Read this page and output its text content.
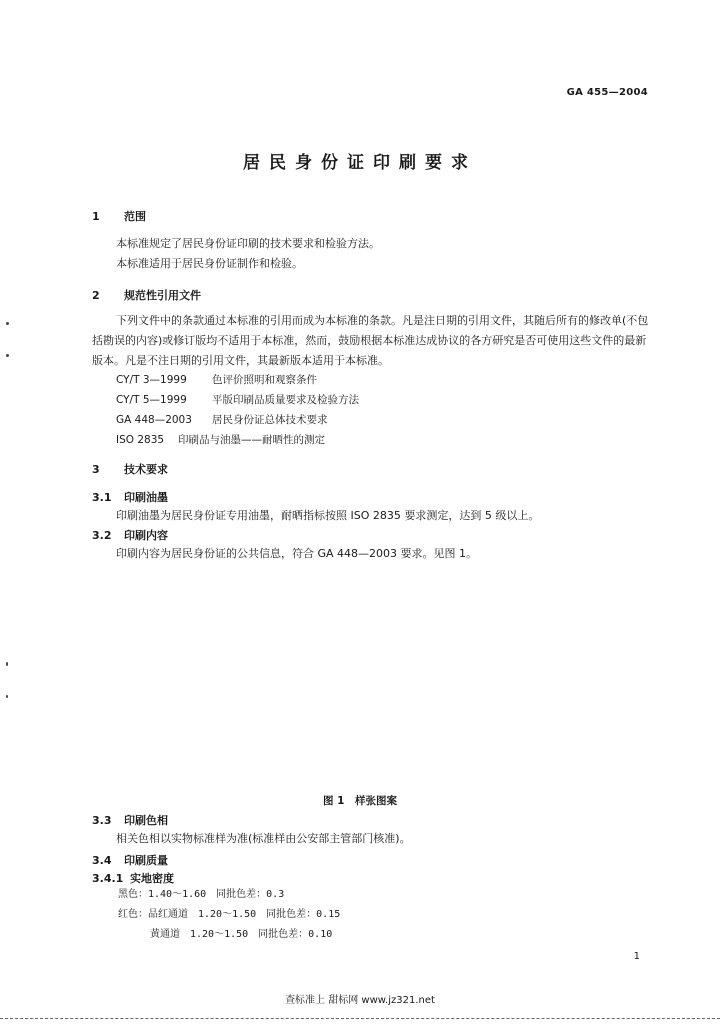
GA 455—2004
居民身份证印刷要求
1 范围
本标准规定了居民身份证印刷的技术要求和检验方法。
本标准适用于居民身份证制作和检验。
2 规范性引用文件
下列文件中的条款通过本标准的引用而成为本标准的条款。凡是注日期的引用文件，其随后所有的修改单(不包括勘误的内容)或修订版均不适用于本标准，然而，鼓励根据本标准达成协议的各方研究是否可使用这些文件的最新版本。凡是不注日期的引用文件，其最新版本适用于本标准。
CY/T 3—1999 色评价照明和观察条件
CY/T 5—1999 平版印刷品质量要求及检验方法
GA 448—2003 居民身份证总体技术要求
ISO 2835 印刷品与油墨——耐晒性的测定
3 技术要求
3.1 印刷油墨
印刷油墨为居民身份证专用油墨，耐晒指标按照 ISO 2835 要求测定，达到 5 级以上。
3.2 印刷内容
印刷内容为居民身份证的公共信息，符合 GA 448—2003 要求。见图 1。
图 1　样张图案
3.3 印刷色相
相关色相以实物标准样为准(标准样由公安部主管部门核准)。
3.4 印刷质量
3.4.1 实地密度
黑色：1.40～1.60　同批色差：0.3
红色：品红通道　1.20～1.50　同批色差：0.15
黄通道　1.20～1.50　同批色差：0.10
1
查标准上 甜标网 www.jz321.net
